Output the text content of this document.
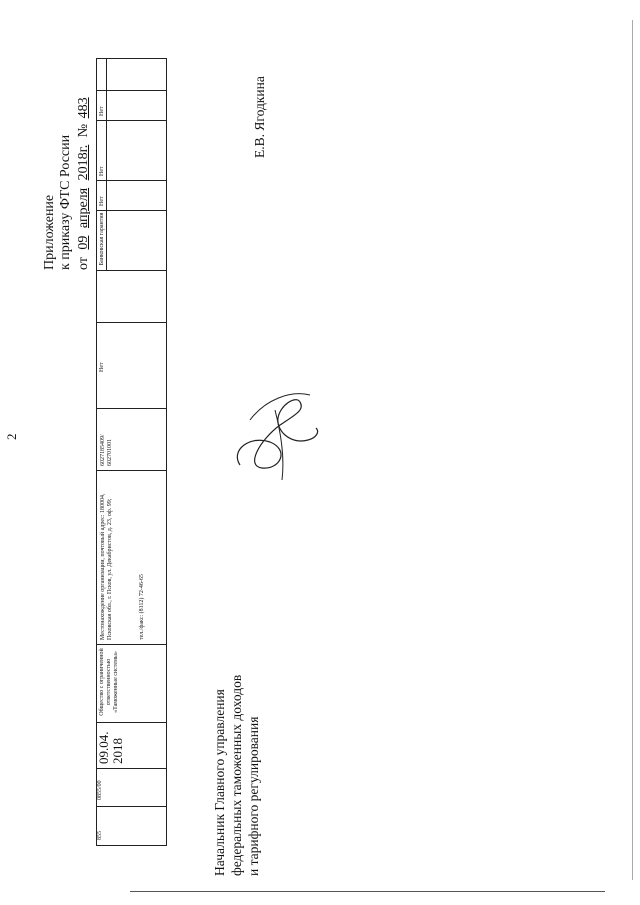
2
Приложение к приказу ФТС России от 09 апреля 2018г. № 483
855
0855/00
09.04. 2018
Общество с ограниченной ответственностью «Таможенные системы»
Местонахождение организации, почтовый адрес: 180004, Псковская обл., г. Псков, ул. Декабристов, д. 23, оф. 99;	тел./факс: (8112) 72-46-65
6027185409/ 602701001
Нет
Банковская гарантия
Нет
Нет
Нет
Начальник Главного управления федеральных таможенных доходов и тарифного регулирования
Е.В. Ягодкина
